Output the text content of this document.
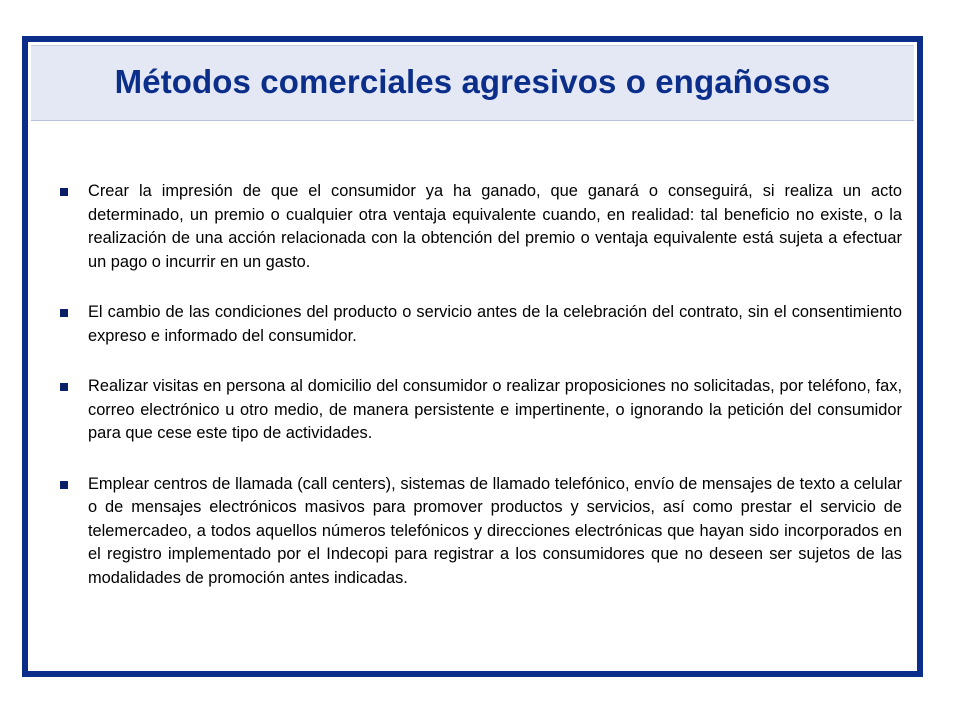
Métodos comerciales agresivos o engañosos

Crear la impresión de que el consumidor ya ha ganado, que ganará o conseguirá, si realiza un acto determinado, un premio o cualquier otra ventaja equivalente cuando, en realidad: tal beneficio no existe, o la realización de una acción relacionada con la obtención del premio o ventaja equivalente está sujeta a efectuar un pago o incurrir en un gasto.

El cambio de las condiciones del producto o servicio antes de la celebración del contrato, sin el consentimiento expreso e informado del consumidor.

Realizar visitas en persona al domicilio del consumidor o realizar proposiciones no solicitadas, por teléfono, fax, correo electrónico u otro medio, de manera persistente e impertinente, o ignorando la petición del consumidor para que cese este tipo de actividades.

Emplear centros de llamada (call centers), sistemas de llamado telefónico, envío de mensajes de texto a celular o de mensajes electrónicos masivos para promover productos y servicios, así como prestar el servicio de telemercadeo, a todos aquellos números telefónicos y direcciones electrónicas que hayan sido incorporados en el registro implementado por el Indecopi para registrar a los consumidores que no deseen ser sujetos de las modalidades de promoción antes indicadas.
